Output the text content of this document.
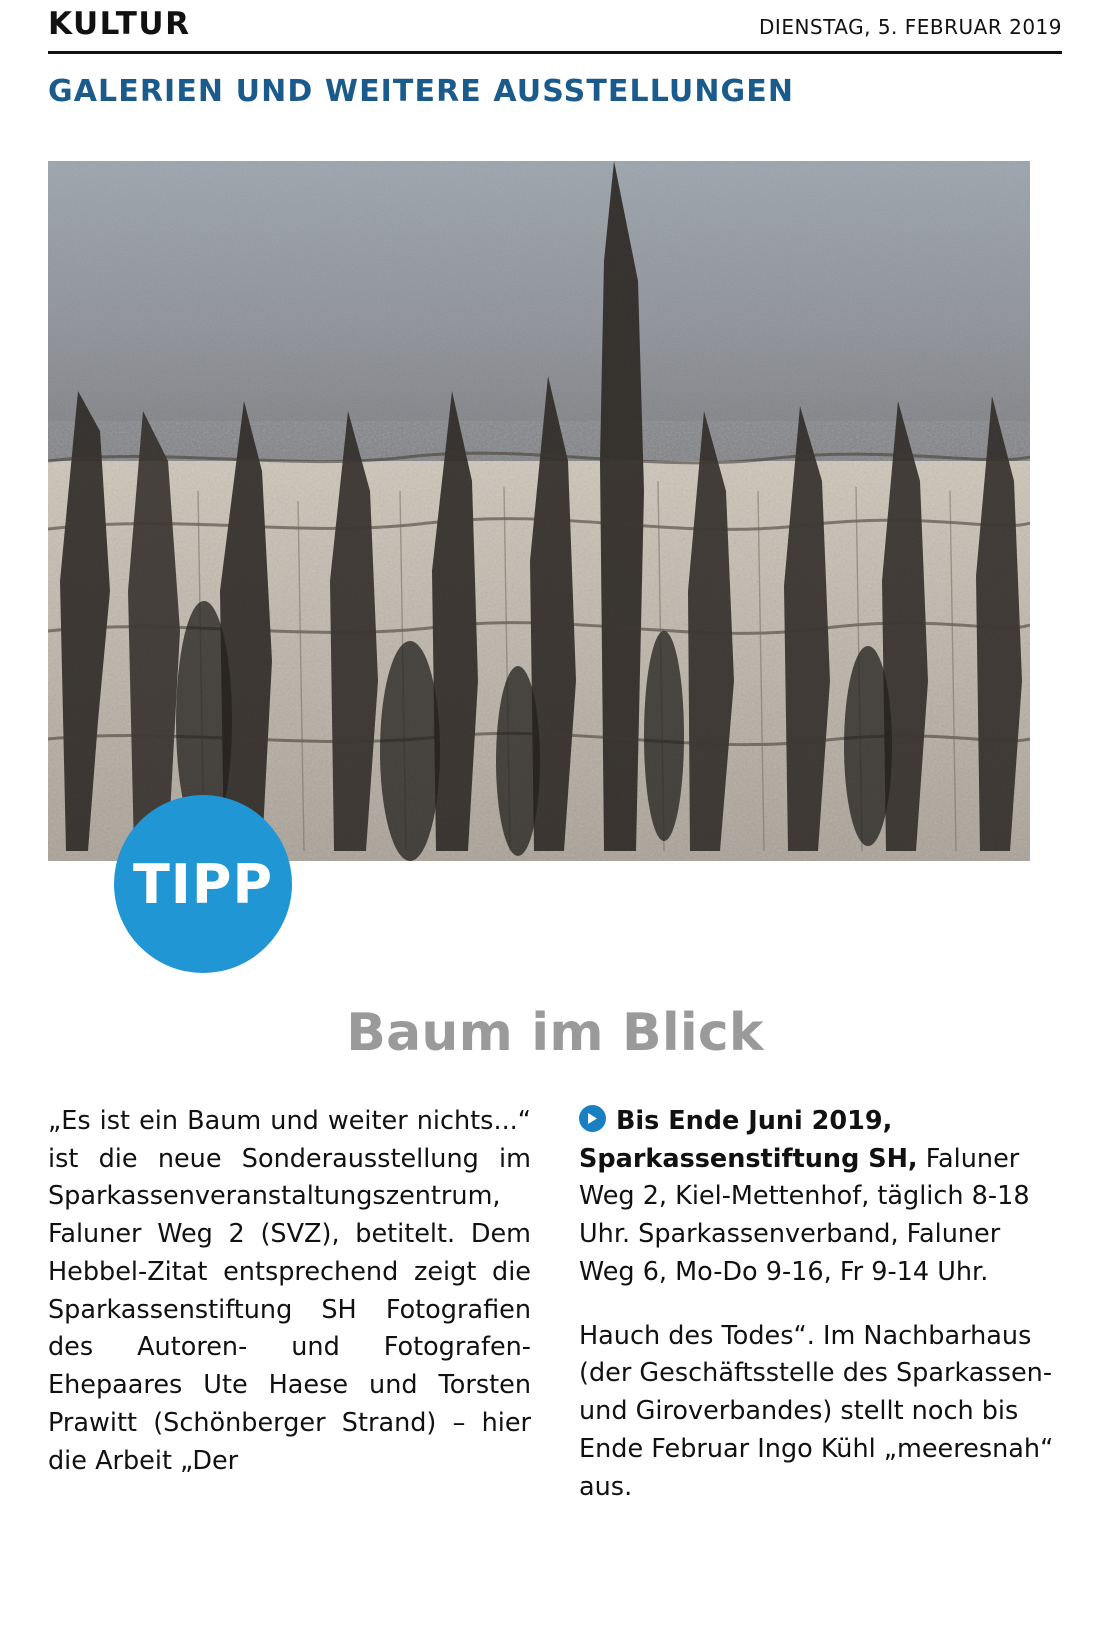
KULTUR	DIENSTAG, 5. FEBRUAR 2019
GALERIEN UND WEITERE AUSSTELLUNGEN
TIPP
Baum im Blick

„Es ist ein Baum und weiter nichts...“ ist die neue Sonderausstellung im Sparkassenveranstaltungszentrum, Faluner Weg 2 (SVZ), betitelt. Dem Hebbel-Zitat entsprechend zeigt die Sparkassenstiftung SH Fotografien des Autoren- und Fotografen-Ehepaares Ute Haese und Torsten Prawitt (Schönberger Strand) – hier die Arbeit „Der

Bis Ende Juni 2019, Sparkassenstiftung SH, Faluner Weg 2, Kiel-Mettenhof, täglich 8-18 Uhr. Sparkassenverband, Faluner Weg 6, Mo-Do 9-16, Fr 9-14 Uhr.

Hauch des Todes“. Im Nachbarhaus (der Geschäftsstelle des Sparkassen- und Giroverbandes) stellt noch bis Ende Februar Ingo Kühl „meeresnah“ aus.
